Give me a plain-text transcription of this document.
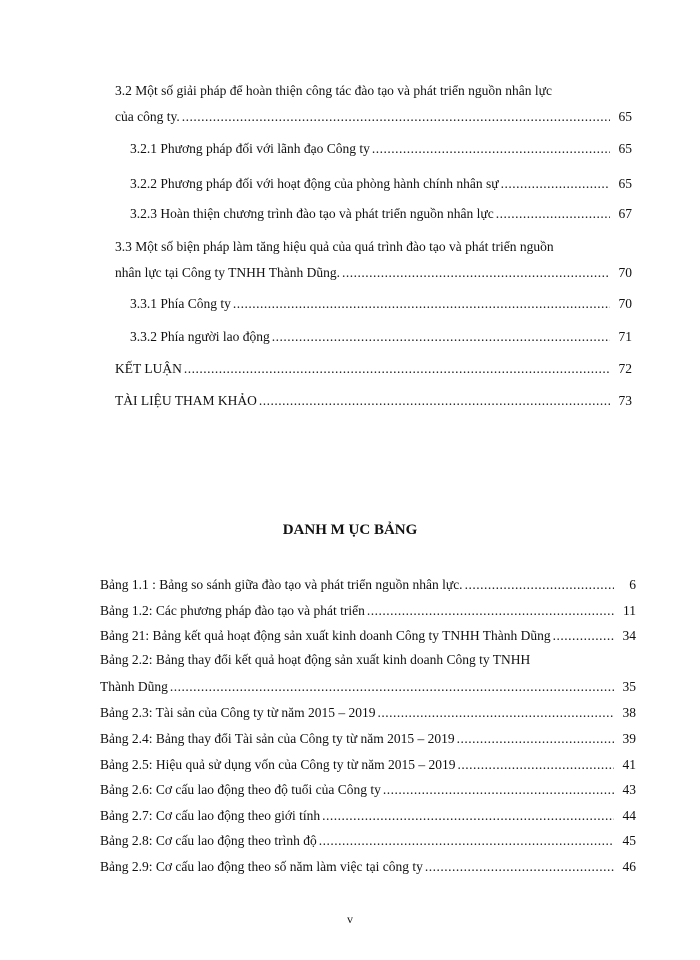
3.2 Một số giải pháp để hoàn thiện công tác đào tạo và phát triển nguồn nhân lực
của công ty. .....	65
3.2.1 Phương pháp đối với lãnh đạo Công ty .....	65
3.2.2 Phương pháp đối với hoạt động của phòng hành chính nhân sự .....	65
3.2.3 Hoàn thiện chương trình đào tạo và phát triển nguồn nhân lực .....	67
3.3 Một số biện pháp làm tăng hiệu quả của quá trình đào tạo và phát triển nguồn
nhân lực tại Công ty TNHH Thành Dũng. .....	70
3.3.1 Phía Công ty .....	70
3.3.2 Phía người lao động .....	71
KẾT LUẬN .....	72
TÀI LIỆU THAM KHẢO .....	73
DANH M ỤC BẢNG
Bảng 1.1 : Bảng so sánh giữa đào tạo và phát triển nguồn nhân lực. .....	6
Bảng 1.2: Các phương pháp đào tạo và phát triển .....	11
Bảng 21: Bảng kết quả hoạt động sản xuất kinh doanh Công ty TNHH Thành Dũng .....	34
Bảng 2.2: Bảng thay đổi kết quả hoạt động sản xuất kinh doanh Công ty TNHH
Thành Dũng .....	35
Bảng 2.3: Tài sản của Công ty từ năm 2015 – 2019 .....	38
Bảng 2.4: Bảng thay đổi Tài sản của Công ty từ năm 2015 – 2019 .....	39
Bảng 2.5: Hiệu quả sử dụng vốn của Công ty từ năm 2015 – 2019 .....	41
Bảng 2.6: Cơ cấu lao động theo độ tuổi của Công ty .....	43
Bảng 2.7: Cơ cấu lao động theo giới tính .....	44
Bảng 2.8: Cơ cấu lao động theo trình độ .....	45
Bảng 2.9: Cơ cấu lao động theo số năm làm việc tại công ty .....	46
v
